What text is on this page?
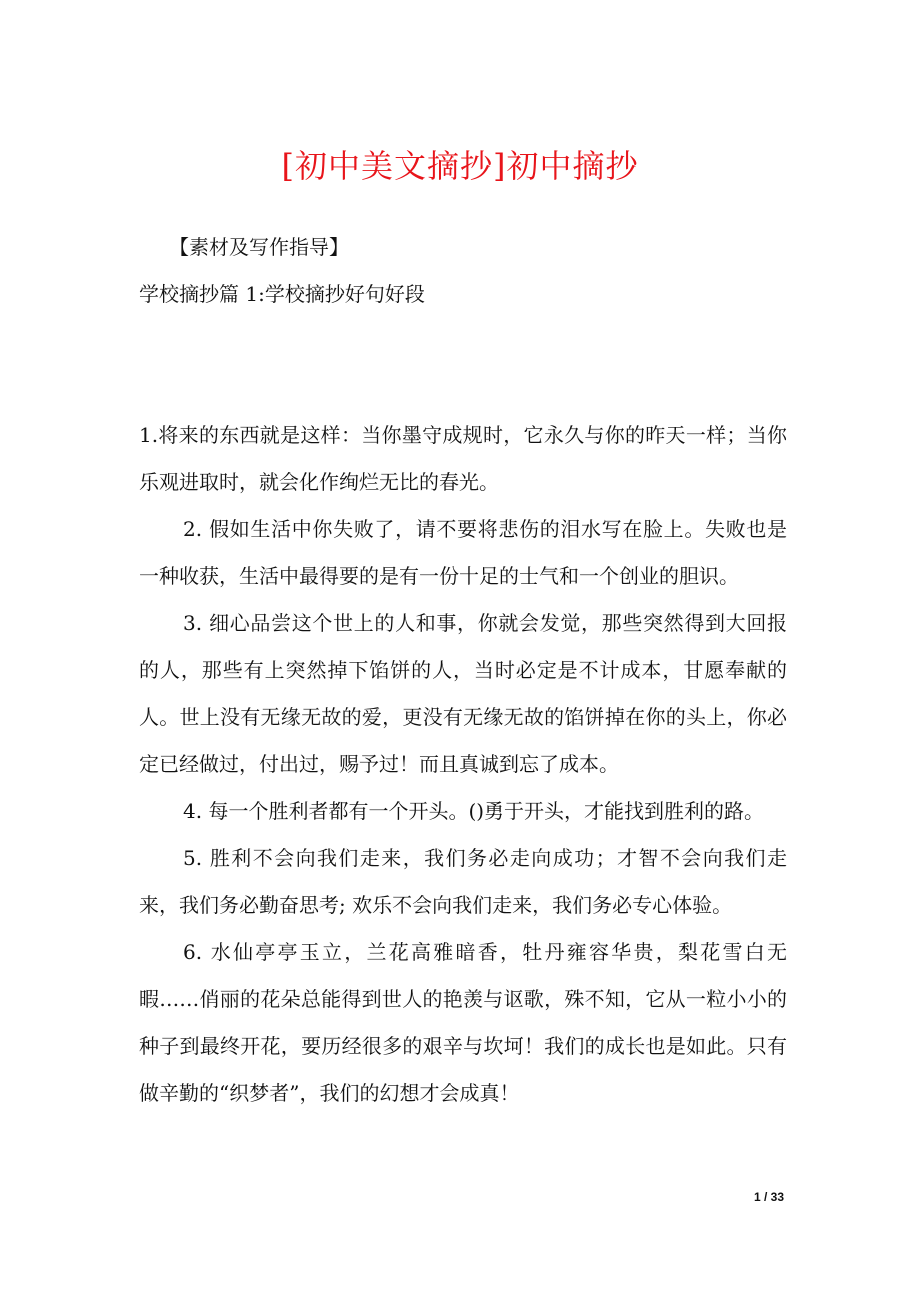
[初中美文摘抄]初中摘抄

【素材及写作指导】

学校摘抄篇 1:学校摘抄好句好段

1.将来的东西就是这样：当你墨守成规时，它永久与你的昨天一样；当你乐观进取时，就会化作绚烂无比的春光。

2. 假如生活中你失败了，请不要将悲伤的泪水写在脸上。失败也是一种收获，生活中最得要的是有一份十足的士气和一个创业的胆识。

3. 细心品尝这个世上的人和事，你就会发觉，那些突然得到大回报的人，那些有上突然掉下馅饼的人，当时必定是不计成本，甘愿奉献的人。世上没有无缘无故的爱，更没有无缘无故的馅饼掉在你的头上，你必定已经做过，付出过，赐予过！而且真诚到忘了成本。

4. 每一个胜利者都有一个开头。()勇于开头，才能找到胜利的路。

5. 胜利不会向我们走来，我们务必走向成功；才智不会向我们走来，我们务必勤奋思考; 欢乐不会向我们走来，我们务必专心体验。

6. 水仙亭亭玉立，兰花高雅暗香，牡丹雍容华贵，梨花雪白无暇……俏丽的花朵总能得到世人的艳羡与讴歌，殊不知，它从一粒小小的种子到最终开花，要历经很多的艰辛与坎坷！我们的成长也是如此。只有做辛勤的“织梦者”，我们的幻想才会成真！

1 / 33
